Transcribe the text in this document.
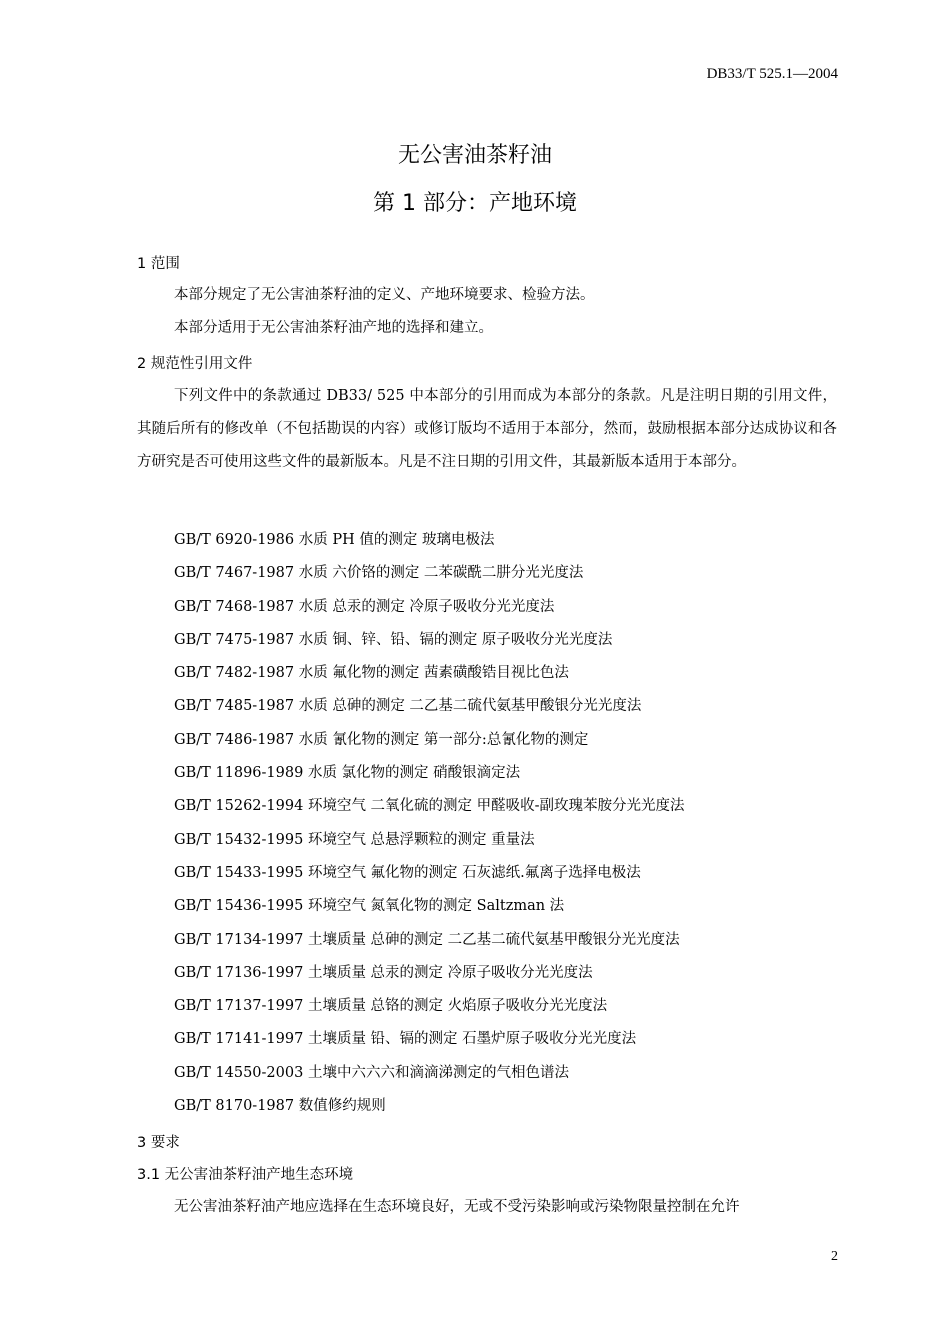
DB33/T 525.1—2004
无公害油茶籽油
第 1 部分：产地环境
1 范围
本部分规定了无公害油茶籽油的定义、产地环境要求、检验方法。
本部分适用于无公害油茶籽油产地的选择和建立。
2 规范性引用文件
下列文件中的条款通过 DB33/ 525 中本部分的引用而成为本部分的条款。凡是注明日期的引用文件，其随后所有的修改单（不包括勘误的内容）或修订版均不适用于本部分，然而，鼓励根据本部分达成协议和各方研究是否可使用这些文件的最新版本。凡是不注日期的引用文件，其最新版本适用于本部分。
GB/T 6920-1986 水质 PH 值的测定 玻璃电极法
GB/T 7467-1987 水质 六价铬的测定 二苯碳酰二肼分光光度法
GB/T 7468-1987 水质 总汞的测定 冷原子吸收分光光度法
GB/T 7475-1987 水质 铜、锌、铅、镉的测定 原子吸收分光光度法
GB/T 7482-1987 水质 氟化物的测定 茜素磺酸锆目视比色法
GB/T 7485-1987 水质 总砷的测定 二乙基二硫代氨基甲酸银分光光度法
GB/T 7486-1987 水质 氰化物的测定 第一部分:总氰化物的测定
GB/T 11896-1989 水质 氯化物的测定 硝酸银滴定法
GB/T 15262-1994 环境空气 二氧化硫的测定 甲醛吸收-副玫瑰苯胺分光光度法
GB/T 15432-1995 环境空气 总悬浮颗粒的测定 重量法
GB/T 15433-1995 环境空气 氟化物的测定 石灰滤纸.氟离子选择电极法
GB/T 15436-1995 环境空气 氮氧化物的测定 Saltzman 法
GB/T 17134-1997 土壤质量 总砷的测定 二乙基二硫代氨基甲酸银分光光度法
GB/T 17136-1997 土壤质量 总汞的测定 冷原子吸收分光光度法
GB/T 17137-1997 土壤质量 总铬的测定 火焰原子吸收分光光度法
GB/T 17141-1997 土壤质量 铅、镉的测定 石墨炉原子吸收分光光度法
GB/T 14550-2003 土壤中六六六和滴滴涕测定的气相色谱法
GB/T 8170-1987 数值修约规则
3 要求
3.1 无公害油茶籽油产地生态环境
无公害油茶籽油产地应选择在生态环境良好，无或不受污染影响或污染物限量控制在允许
2
